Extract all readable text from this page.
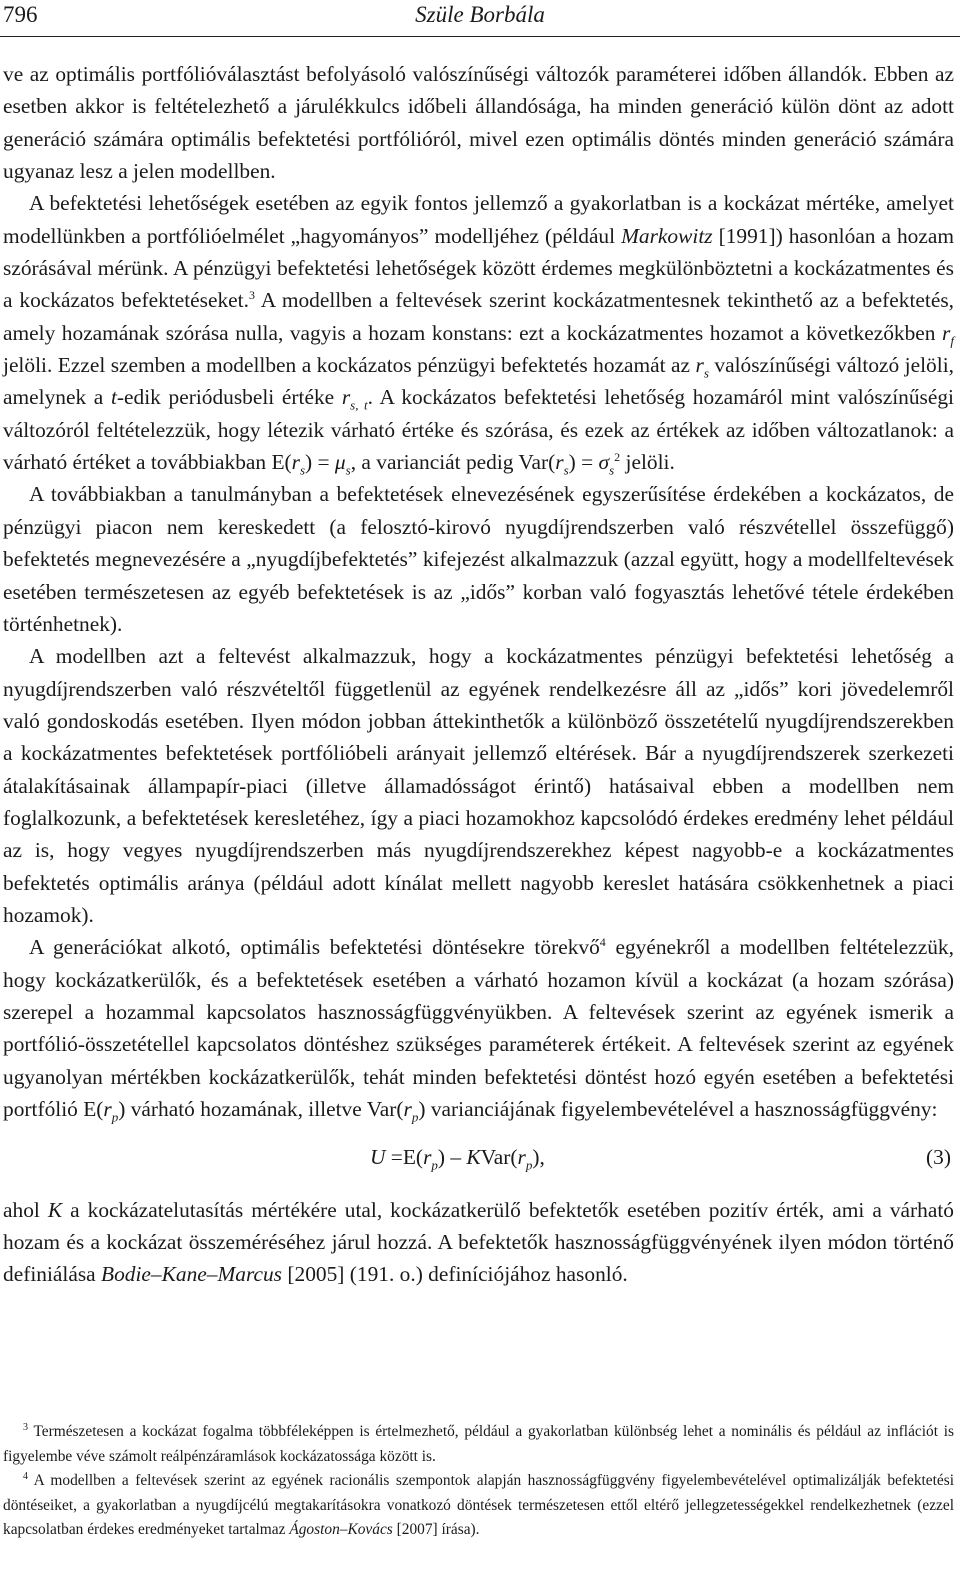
796	Szüle Borbála

ve az optimális portfólióválasztást befolyásoló valószínűségi változók paraméterei időben állandók. Ebben az esetben akkor is feltételezhető a járulékkulcs időbeli állandósága, ha minden generáció külön dönt az adott generáció számára optimális befektetési portfólióról, mivel ezen optimális döntés minden generáció számára ugyanaz lesz a jelen modellben.

A befektetési lehetőségek esetében az egyik fontos jellemző a gyakorlatban is a kockázat mértéke, amelyet modellünkben a portfólióelmélet „hagyományos” modelljéhez (például Markowitz [1991]) hasonlóan a hozam szórásával mérünk. A pénzügyi befektetési lehetőségek között érdemes megkülönböztetni a kockázatmentes és a kockázatos befektetéseket.$^3$ A modellben a feltevések szerint kockázatmentesnek tekinthető az a befektetés, amely hozamának szórása nulla, vagyis a hozam konstans: ezt a kockázatmentes hozamot a következőkben $r_f$ jelöli. Ezzel szemben a modellben a kockázatos pénzügyi befektetés hozamát az $r_s$ valószínűségi változó jelöli, amelynek a t-edik periódusbeli értéke $r_{s, t}$. A kockázatos befektetési lehetőség hozamáról mint valószínűségi változóról feltételezzük, hogy létezik várható értéke és szórása, és ezek az értékek az időben változatlanok: a várható értéket a továbbiakban $E(r_s) = \mu_s$, a varianciát pedig $Var(r_s) = \sigma_s^2$ jelöli.

A továbbiakban a tanulmányban a befektetések elnevezésének egyszerűsítése érdekében a kockázatos, de pénzügyi piacon nem kereskedett (a felosztó-kirovó nyugdíjrendszerben való részvétellel összefüggő) befektetés megnevezésére a „nyugdíjbefektetés” kifejezést alkalmazzuk (azzal együtt, hogy a modellfeltevések esetében természetesen az egyéb befektetések is az „idős” korban való fogyasztás lehetővé tétele érdekében történhetnek).

A modellben azt a feltevést alkalmazzuk, hogy a kockázatmentes pénzügyi befektetési lehetőség a nyugdíjrendszerben való részvételtől függetlenül az egyének rendelkezésre áll az „idős” kori jövedelemről való gondoskodás esetében. Ilyen módon jobban áttekinthetők a különböző összetételű nyugdíjrendszerekben a kockázatmentes befektetések portfólióbeli arányait jellemző eltérések. Bár a nyugdíjrendszerek szerkezeti átalakításainak állampapír-piaci (illetve államadósságot érintő) hatásaival ebben a modellben nem foglalkozunk, a befektetések keresletéhez, így a piaci hozamokhoz kapcsolódó érdekes eredmény lehet például az is, hogy vegyes nyugdíjrendszerben más nyugdíjrendszerekhez képest nagyobb-e a kockázatmentes befektetés optimális aránya (például adott kínálat mellett nagyobb kereslet hatására csökkenhetnek a piaci hozamok).

A generációkat alkotó, optimális befektetési döntésekre törekvő$^4$ egyénekről a modellben feltételezzük, hogy kockázatkerülők, és a befektetések esetében a várható hozamon kívül a kockázat (a hozam szórása) szerepel a hozammal kapcsolatos hasznosságfüggvényükben. A feltevések szerint az egyének ismerik a portfólió-összetétellel kapcsolatos döntéshez szükséges paraméterek értékeit. A feltevések szerint az egyének ugyanolyan mértékben kockázatkerülők, tehát minden befektetési döntést hozó egyén esetében a befektetési portfólió $E(r_p)$ várható hozamának, illetve $Var(r_p)$ varianciájának figyelembevételével a hasznosságfüggvény:

$U =E(r_p)$ – $KVar(r_p)$,	(3)

ahol K a kockázatelutasítás mértékére utal, kockázatkerülő befektetők esetében pozitív érték, ami a várható hozam és a kockázat összeméréséhez járul hozzá. A befektetők hasznosságfüggvényének ilyen módon történő definiálása Bodie–Kane–Marcus [2005] (191. o.) definíciójához hasonló.

$^3$ Természetesen a kockázat fogalma többféleképpen is értelmezhető, például a gyakorlatban különbség lehet a nominális és például az inflációt is figyelembe véve számolt reálpénzáramlások kockázatossága között is.

$^4$ A modellben a feltevések szerint az egyének racionális szempontok alapján hasznosságfüggvény figyelembevételével optimalizálják befektetési döntéseiket, a gyakorlatban a nyugdíjcélú megtakarításokra vonatkozó döntések természetesen ettől eltérő jellegzetességekkel rendelkezhetnek (ezzel kapcsolatban érdekes eredményeket tartalmaz Ágoston–Kovács [2007] írása).
